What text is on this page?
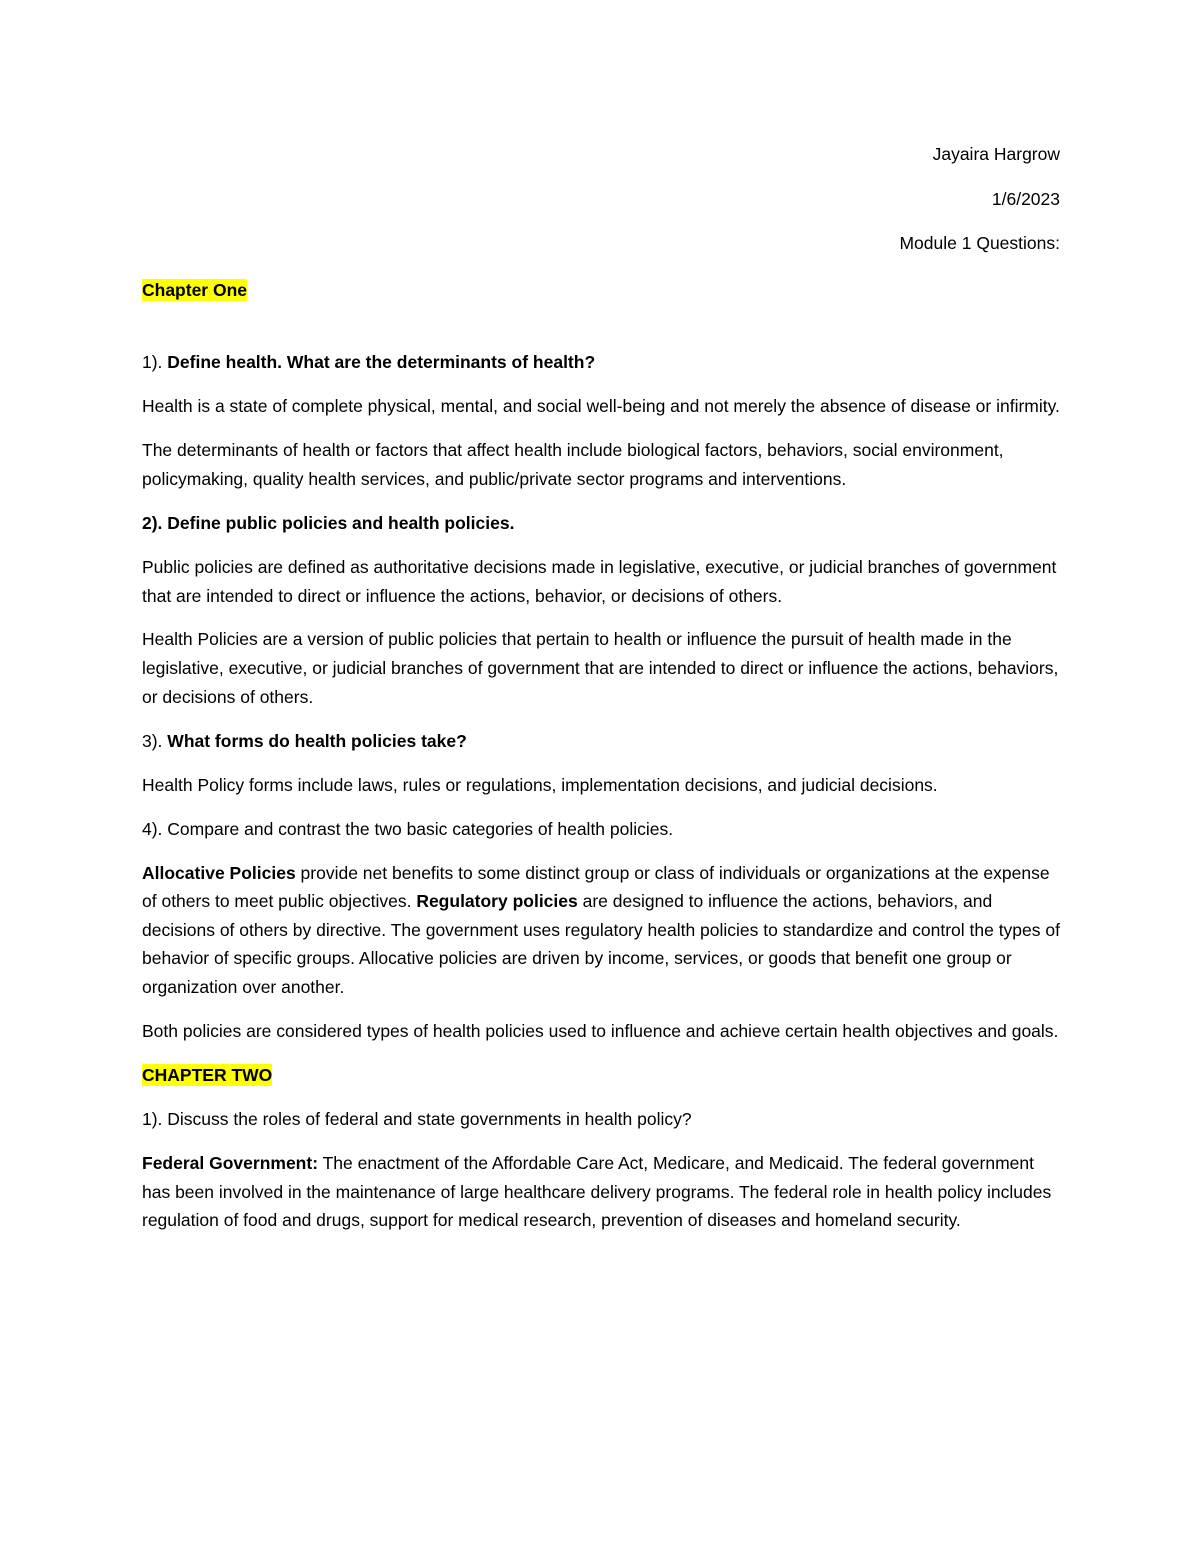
Jayaira Hargrow

1/6/2023

Module 1 Questions:

Chapter One

1). Define health. What are the determinants of health?

Health is a state of complete physical, mental, and social well-being and not merely the absence of disease or infirmity.

The determinants of health or factors that affect health include biological factors, behaviors, social environment, policymaking, quality health services, and public/private sector programs and interventions.

2). Define public policies and health policies.

Public policies are defined as authoritative decisions made in legislative, executive, or judicial branches of government that are intended to direct or influence the actions, behavior, or decisions of others.

Health Policies are a version of public policies that pertain to health or influence the pursuit of health made in the legislative, executive, or judicial branches of government that are intended to direct or influence the actions, behaviors, or decisions of others.

3). What forms do health policies take?

Health Policy forms include laws, rules or regulations, implementation decisions, and judicial decisions.

4). Compare and contrast the two basic categories of health policies.

Allocative Policies provide net benefits to some distinct group or class of individuals or organizations at the expense of others to meet public objectives. Regulatory policies are designed to influence the actions, behaviors, and decisions of others by directive. The government uses regulatory health policies to standardize and control the types of behavior of specific groups. Allocative policies are driven by income, services, or goods that benefit one group or organization over another.

Both policies are considered types of health policies used to influence and achieve certain health objectives and goals.

CHAPTER TWO

1). Discuss the roles of federal and state governments in health policy?

Federal Government: The enactment of the Affordable Care Act, Medicare, and Medicaid. The federal government has been involved in the maintenance of large healthcare delivery programs. The federal role in health policy includes regulation of food and drugs, support for medical research, prevention of diseases and homeland security.
